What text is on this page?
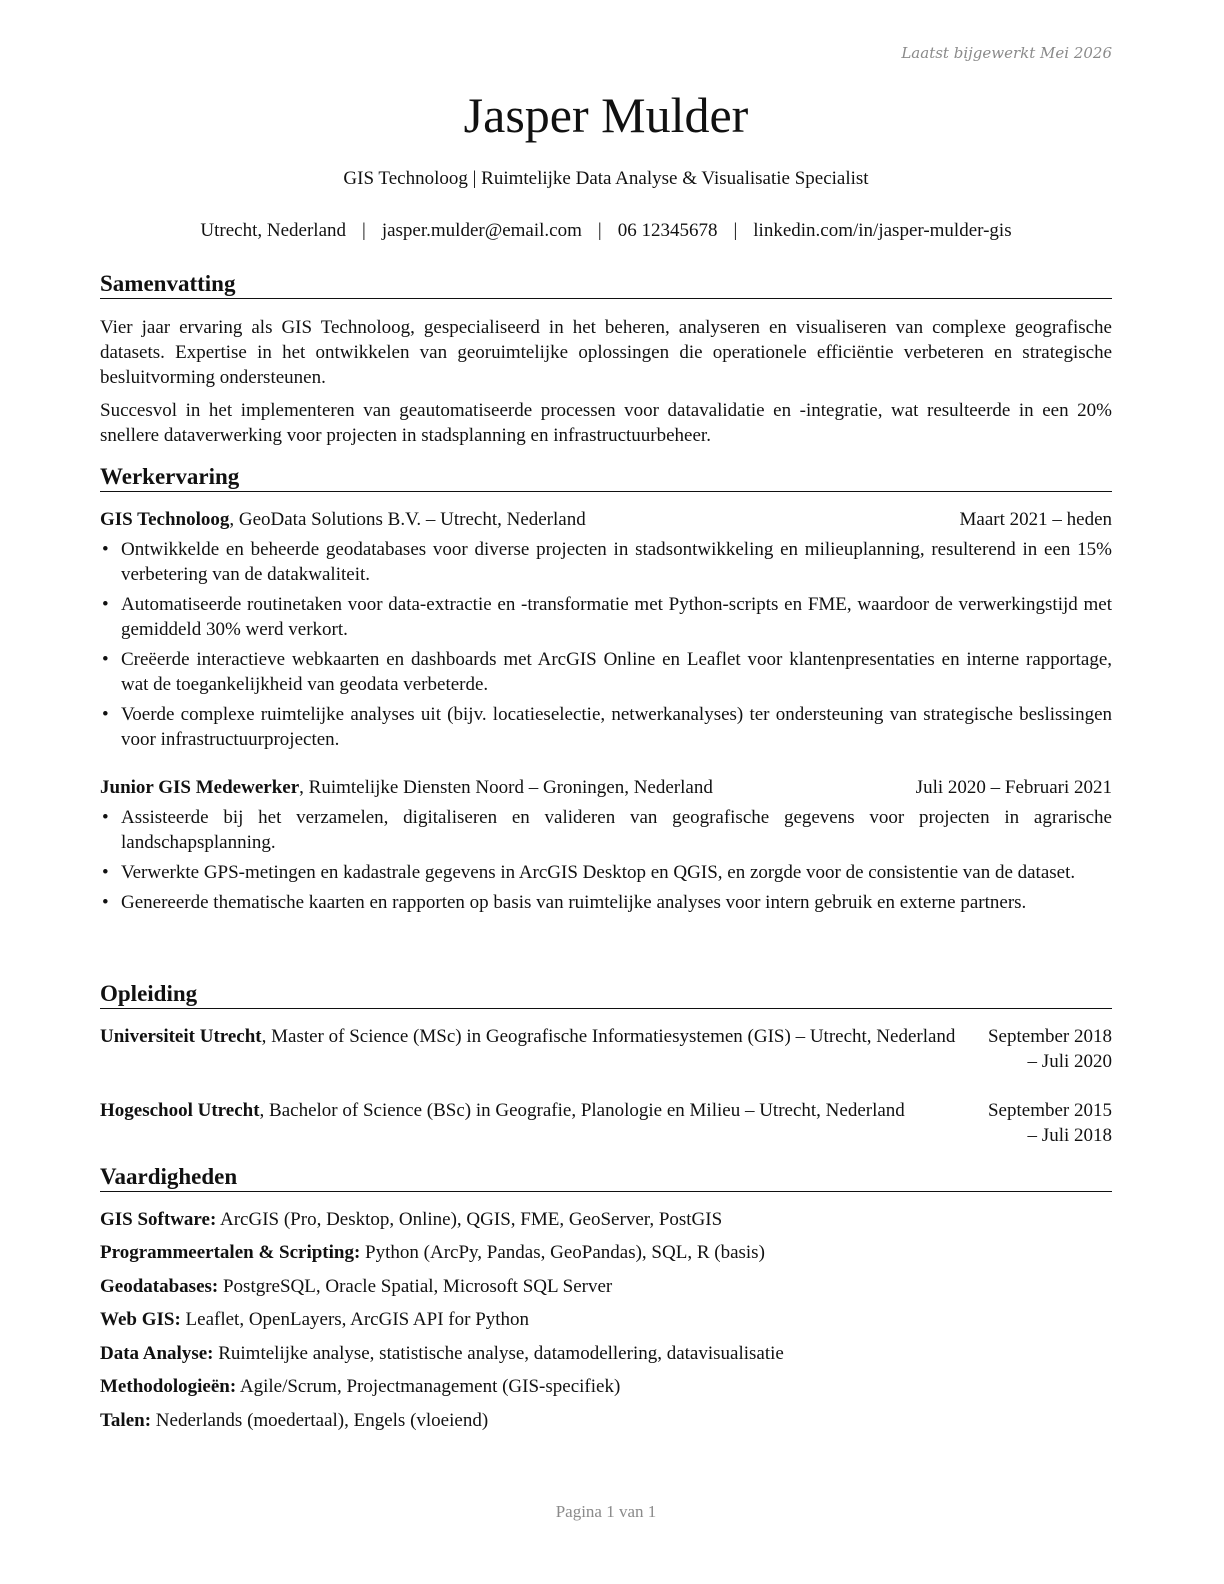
Laatst bijgewerkt Mei 2026
Jasper Mulder
GIS Technoloog | Ruimtelijke Data Analyse & Visualisatie Specialist
Utrecht, Nederland | jasper.mulder@email.com | 06 12345678 | linkedin.com/in/jasper-mulder-gis
Samenvatting

Vier jaar ervaring als GIS Technoloog, gespecialiseerd in het beheren, analyseren en visualiseren van complexe geografische datasets. Expertise in het ontwikkelen van georuimtelijke oplossingen die operationele efficiëntie verbeteren en strategische besluitvorming ondersteunen.

Succesvol in het implementeren van geautomatiseerde processen voor datavalidatie en -integratie, wat resulteerde in een 20% snellere dataverwerking voor projecten in stadsplanning en infrastructuurbeheer.

Werkervaring
GIS Technoloog, GeoData Solutions B.V. – Utrecht, Nederland	Maart 2021 – heden
• Ontwikkelde en beheerde geodatabases voor diverse projecten in stadsontwikkeling en milieuplanning, resulterend in een 15% verbetering van de datakwaliteit.
• Automatiseerde routinetaken voor data-extractie en -transformatie met Python-scripts en FME, waardoor de verwerkingstijd met gemiddeld 30% werd verkort.
• Creëerde interactieve webkaarten en dashboards met ArcGIS Online en Leaflet voor klantenpresentaties en interne rapportage, wat de toegankelijkheid van geodata verbeterde.
• Voerde complexe ruimtelijke analyses uit (bijv. locatieselectie, netwerkanalyses) ter ondersteuning van strategische beslissingen voor infrastructuurprojecten.
Junior GIS Medewerker, Ruimtelijke Diensten Noord – Groningen, Nederland	Juli 2020 – Februari 2021
• Assisteerde bij het verzamelen, digitaliseren en valideren van geografische gegevens voor projecten in agrarische landschapsplanning.
• Verwerkte GPS-metingen en kadastrale gegevens in ArcGIS Desktop en QGIS, en zorgde voor de consistentie van de dataset.
• Genereerde thematische kaarten en rapporten op basis van ruimtelijke analyses voor intern gebruik en externe partners.
Opleiding
Universiteit Utrecht, Master of Science (MSc) in Geografische Informatiesystemen (GIS) – Utrecht, Nederland	September 2018 – Juli 2020
Hogeschool Utrecht, Bachelor of Science (BSc) in Geografie, Planologie en Milieu – Utrecht, Nederland	September 2015 – Juli 2018
Vaardigheden
GIS Software: ArcGIS (Pro, Desktop, Online), QGIS, FME, GeoServer, PostGIS
Programmeertalen & Scripting: Python (ArcPy, Pandas, GeoPandas), SQL, R (basis)
Geodatabases: PostgreSQL, Oracle Spatial, Microsoft SQL Server
Web GIS: Leaflet, OpenLayers, ArcGIS API for Python
Data Analyse: Ruimtelijke analyse, statistische analyse, datamodellering, datavisualisatie
Methodologieën: Agile/Scrum, Projectmanagement (GIS-specifiek)
Talen: Nederlands (moedertaal), Engels (vloeiend)
Pagina 1 van 1
